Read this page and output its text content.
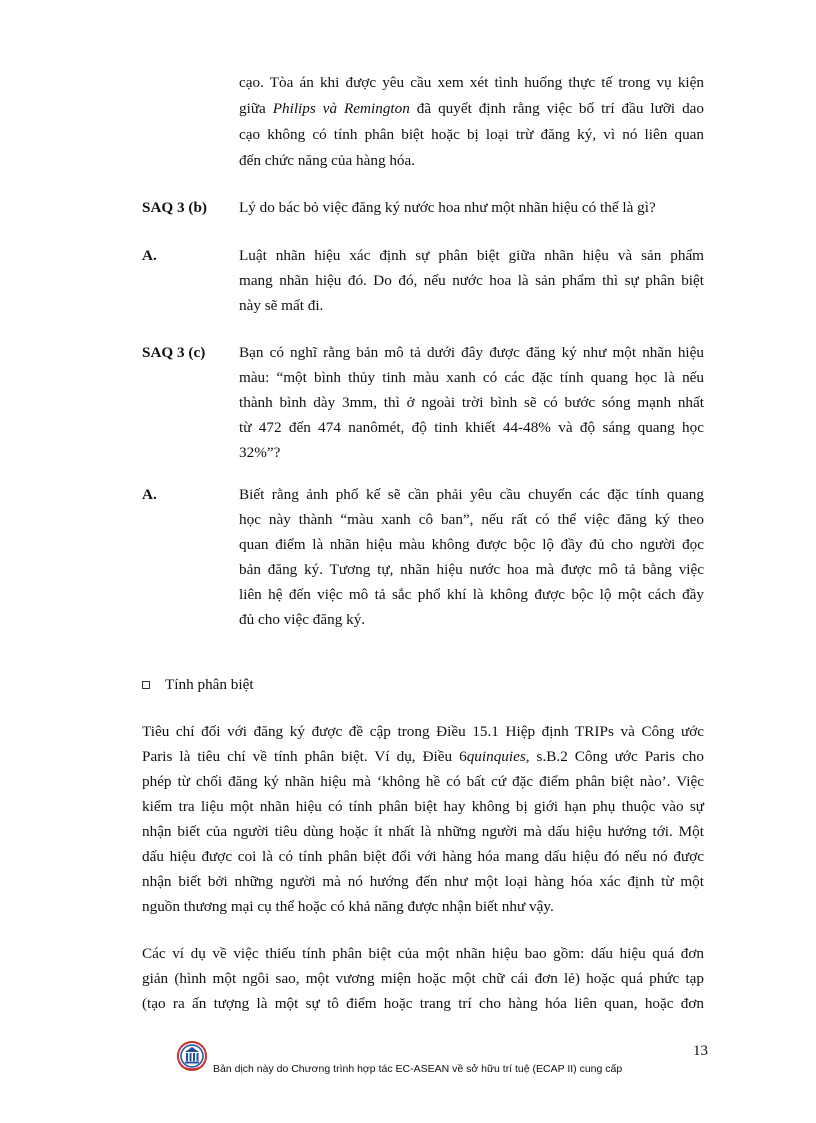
cạo. Tòa án khi được yêu cầu xem xét tình huống thực tế trong vụ kiện
giữa Philips và Remington đã quyết định rằng việc bố trí đầu lưỡi dao
cạo không có tính phân biệt hoặc bị loại trừ đăng ký, vì nó liên quan
đến chức năng của hàng hóa.
SAQ 3 (b) Lý do bác bỏ việc đăng ký nước hoa như một nhãn hiệu có thể là gì?
A.	Luật nhãn hiệu xác định sự phân biệt giữa nhãn hiệu và sản phẩm
mang nhãn hiệu đó. Do đó, nếu nước hoa là sản phẩm thì sự phân biệt
này sẽ mất đi.
SAQ 3 (c) Bạn có nghĩ rằng bản mô tả dưới đây được đăng ký như một nhãn hiệu
màu: “một bình thủy tinh màu xanh có các đặc tính quang học là nếu
thành bình dày 3mm, thì ở ngoài trời bình sẽ có bước sóng mạnh nhất
từ 472 đến 474 nanômét, độ tinh khiết 44-48% và độ sáng quang học
32%”?
A.	Biết rằng ảnh phổ kế sẽ cần phải yêu cầu chuyển các đặc tính quang
học này thành “màu xanh cô ban”, nếu rất có thể việc đăng ký theo
quan điểm là nhãn hiệu màu không được bộc lộ đầy đủ cho người đọc
bản đăng ký. Tương tự, nhãn hiệu nước hoa mà được mô tả bằng việc
liên hệ đến việc mô tả sắc phổ khí là không được bộc lộ một cách đầy
đủ cho việc đăng ký.
Tính phân biệt
Tiêu chí đối với đăng ký được đề cập trong Điều 15.1 Hiệp định TRIPs và Công ước
Paris là tiêu chí về tính phân biệt. Ví dụ, Điều 6quinquies, s.B.2 Công ước Paris cho
phép từ chối đăng ký nhãn hiệu mà ‘không hề có bất cứ đặc điểm phân biệt nào’. Việc
kiểm tra liệu một nhãn hiệu có tính phân biệt hay không bị giới hạn phụ thuộc vào sự
nhận biết của người tiêu dùng hoặc ít nhất là những người mà dấu hiệu hướng tới. Một
dấu hiệu được coi là có tính phân biệt đối với hàng hóa mang dấu hiệu đó nếu nó được
nhận biết bởi những người mà nó hướng đến như một loại hàng hóa xác định từ một
nguồn thương mại cụ thể hoặc có khả năng được nhận biết như vậy.
Các ví dụ về việc thiếu tính phân biệt của một nhãn hiệu bao gồm: dấu hiệu quá đơn
giản (hình một ngôi sao, một vương miện hoặc một chữ cái đơn lẻ) hoặc quá phức tạp
(tạo ra ấn tượng là một sự tô điểm hoặc trang trí cho hàng hóa liên quan, hoặc đơn
13
Bản dịch này do Chương trình hợp tác EC-ASEAN về sở hữu trí tuệ (ECAP II) cung cấp
